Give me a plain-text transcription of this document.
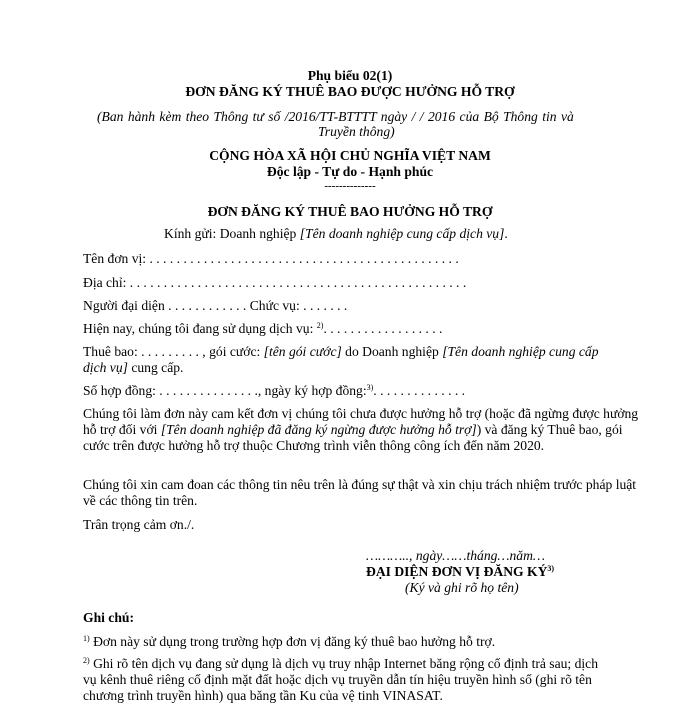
Phụ biểu 02(1)
ĐƠN ĐĂNG KÝ THUÊ BAO ĐƯỢC HƯỞNG HỖ TRỢ
(Ban hành kèm theo Thông tư số /2016/TT-BTTTT ngày / / 2016 của Bộ Thông tin và
Truyền thông)
CỘNG HÒA XÃ HỘI CHỦ NGHĨA VIỆT NAM
Độc lập - Tự do - Hạnh phúc
--------------
ĐƠN ĐĂNG KÝ THUÊ BAO HƯỞNG HỖ TRỢ
Kính gửi: Doanh nghiệp [Tên doanh nghiệp cung cấp dịch vụ].
Tên đơn vị: . . . . . . . . . . . . . . . . . . . . . . . . . . . . . . . . . . . . . . . . . . . . . .
Địa chỉ: . . . . . . . . . . . . . . . . . . . . . . . . . . . . . . . . . . . . . . . . . . . . . . . . . .
Người đại diện . . . . . . . . . . . . Chức vụ: . . . . . . .
Hiện nay, chúng tôi đang sử dụng dịch vụ: $^{2)}$. . . . . . . . . . . . . . . . . .
Thuê bao: . . . . . . . . . , gói cước: [tên gói cước] do Doanh nghiệp [Tên doanh nghiệp cung cấp dịch vụ] cung cấp.
Số hợp đồng: . . . . . . . . . . . . . . ., ngày ký hợp đồng:$^{3)}$. . . . . . . . . . . . . .
Chúng tôi làm đơn này cam kết đơn vị chúng tôi chưa được hưởng hỗ trợ (hoặc đã ngừng được hưởng hỗ trợ đối với [Tên doanh nghiệp đã đăng ký ngừng được hưởng hỗ trợ]) và đăng ký Thuê bao, gói cước trên được hưởng hỗ trợ thuộc Chương trình viễn thông công ích đến năm 2020.
Chúng tôi xin cam đoan các thông tin nêu trên là đúng sự thật và xin chịu trách nhiệm trước pháp luật về các thông tin trên.
Trân trọng cảm ơn./.
……….., ngày……tháng…năm…
ĐẠI DIỆN ĐƠN VỊ ĐĂNG KÝ$^{3)}$
(Ký và ghi rõ họ tên)
Ghi chú:
$^{1)}$ Đơn này sử dụng trong trường hợp đơn vị đăng ký thuê bao hưởng hỗ trợ.
$^{2)}$ Ghi rõ tên dịch vụ đang sử dụng là dịch vụ truy nhập Internet băng rộng cố định trả sau; dịch
vụ kênh thuê riêng cố định mặt đất hoặc dịch vụ truyền dẫn tín hiệu truyền hình số (ghi rõ tên
chương trình truyền hình) qua băng tần Ku của vệ tinh VINASAT.
